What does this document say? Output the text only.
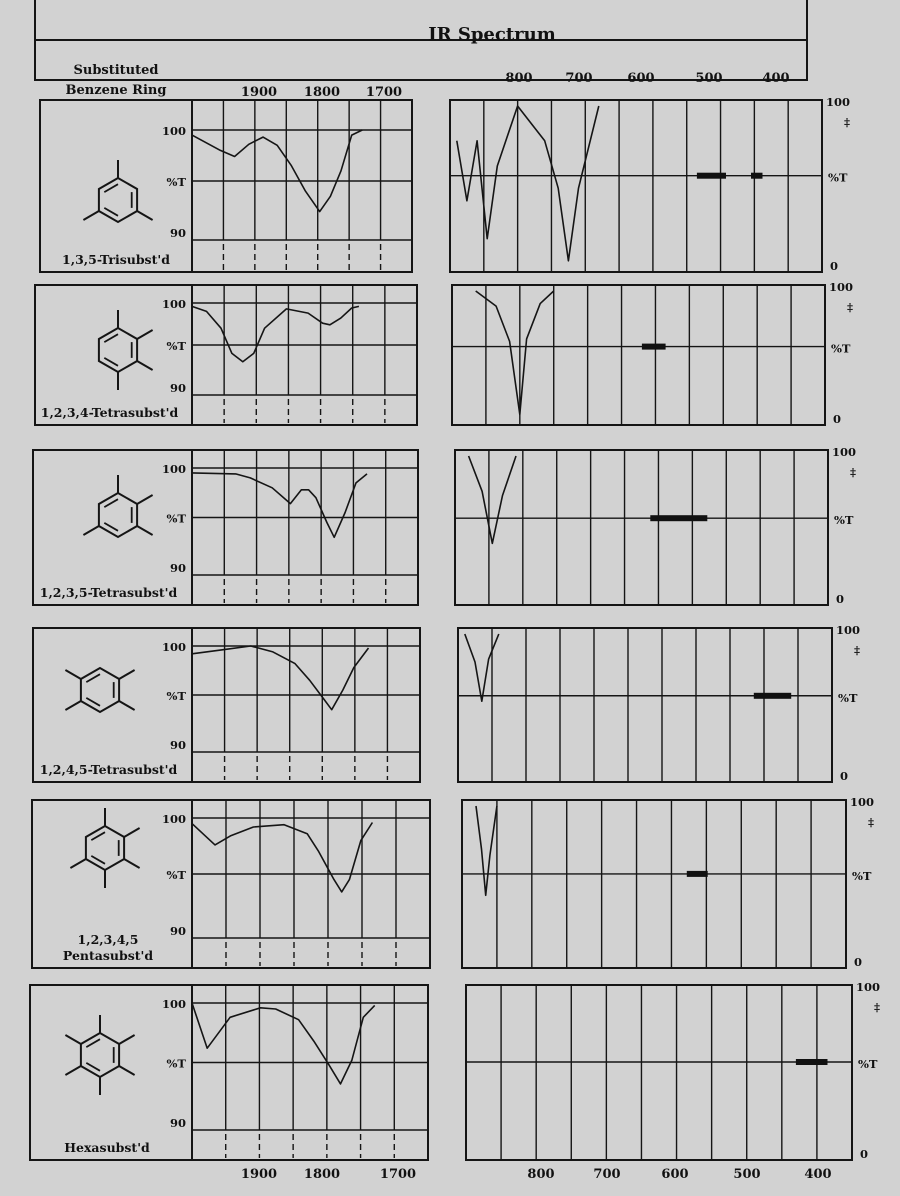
IR Spectrum
Substituted
Benzene Ring	1900 1800 1700
800	700	600	500	400
1900 1800	1700	800	700	600	500	400
100
%T
90
100
‡
%T
0
1,3,5-Trisubst'd
100
%T
90
100
‡
%T
0
1,2,3,4-Tetrasubst'd
100
%T
90
100
‡
%T
0
1,2,3,5-Tetrasubst'd
100
%T
90
100
‡
%T
0
1,2,4,5-Tetrasubst'd
100
%T
90
100
‡
%T
0
1,2,3,4,5
Pentasubst'd
100
%T
90
100
‡
%T
0
Hexasubst'd
